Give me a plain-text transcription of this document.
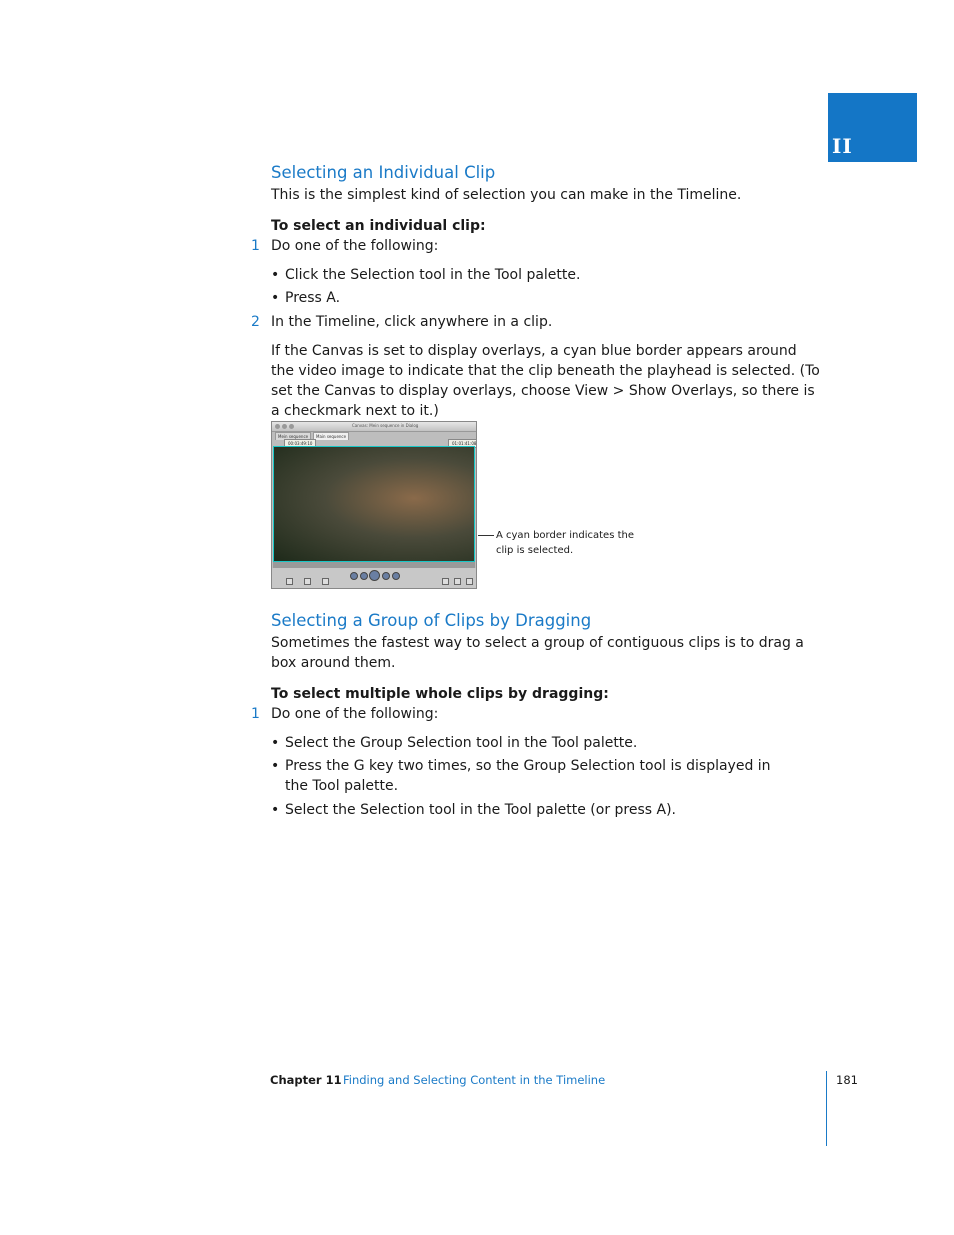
II
Selecting an Individual Clip

This is the simplest kind of selection you can make in the Timeline.

To select an individual clip:

1 Do one of the following:
• Click the Selection tool in the Tool palette.
• Press A.
2 In the Timeline, click anywhere in a clip.

If the Canvas is set to display overlays, a cyan blue border appears around the video image to indicate that the clip beneath the playhead is selected. (To set the Canvas to display overlays, choose View > Show Overlays, so there is a checkmark next to it.)

Canvas: Mein sequence in Dialog
Mein sequence	Main sequence
00:03:49:10	01:01:41:08
A cyan border indicates the clip is selected.
Selecting a Group of Clips by Dragging

Sometimes the fastest way to select a group of contiguous clips is to drag a box around them.

To select multiple whole clips by dragging:

1 Do one of the following:
• Select the Group Selection tool in the Tool palette.
• Press the G key two times, so the Group Selection tool is displayed in the Tool palette.
• Select the Selection tool in the Tool palette (or press A).
Chapter 11 Finding and Selecting Content in the Timeline	181
